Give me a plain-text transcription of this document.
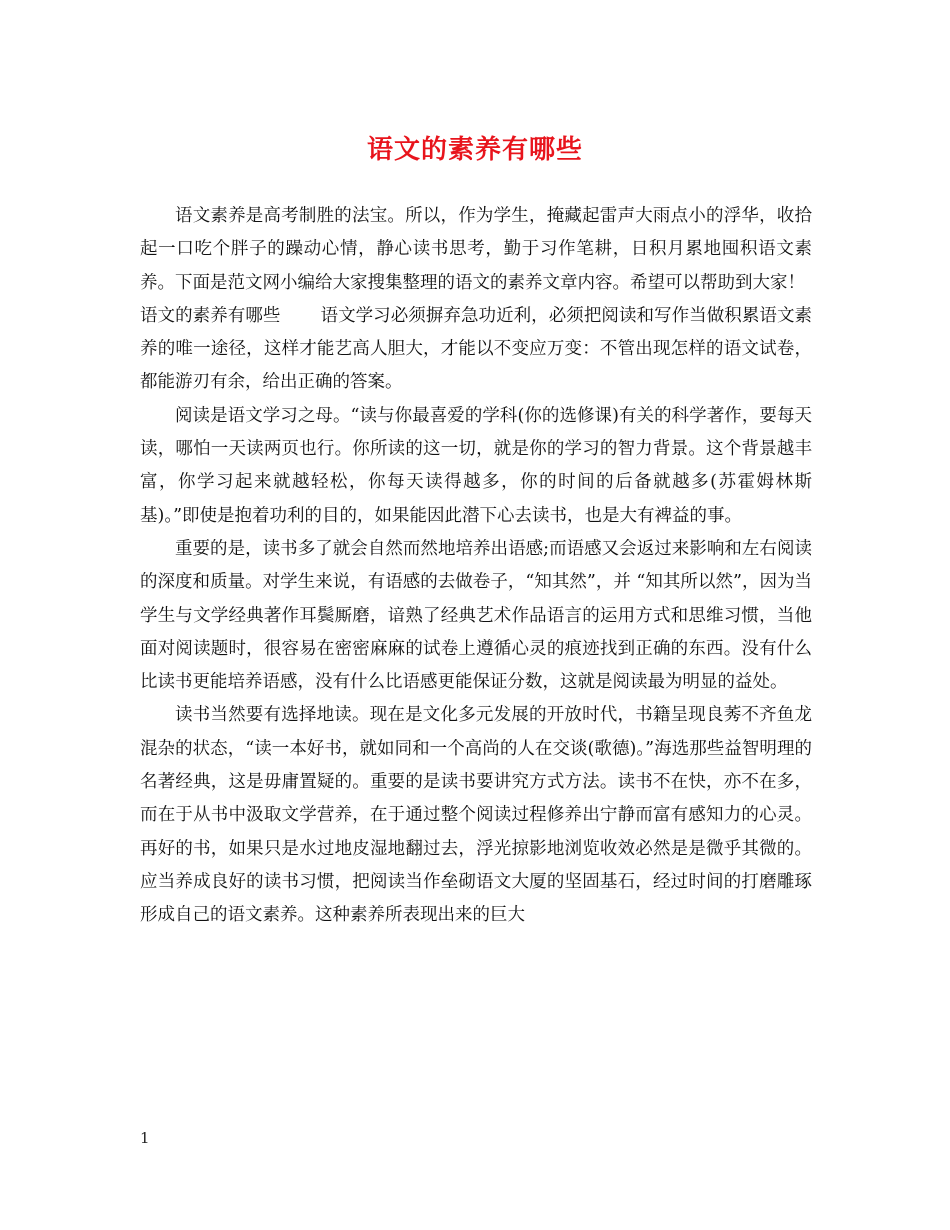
语文的素养有哪些

语文素养是高考制胜的法宝。所以，作为学生，掩藏起雷声大雨点小的浮华，收拾起一口吃个胖子的躁动心情，静心读书思考，勤于习作笔耕，日积月累地囤积语文素养。下面是范文网小编给大家搜集整理的语文的素养文章内容。希望可以帮助到大家！

语文的素养有哪些 语文学习必须摒弃急功近利，必须把阅读和写作当做积累语文素养的唯一途径，这样才能艺高人胆大，才能以不变应万变：不管出现怎样的语文试卷，都能游刃有余，给出正确的答案。

阅读是语文学习之母。“读与你最喜爱的学科(你的选修课)有关的科学著作，要每天读，哪怕一天读两页也行。你所读的这一切，就是你的学习的智力背景。这个背景越丰富，你学习起来就越轻松，你每天读得越多，你的时间的后备就越多(苏霍姆林斯基)。”即使是抱着功利的目的，如果能因此潜下心去读书，也是大有裨益的事。

重要的是，读书多了就会自然而然地培养出语感;而语感又会返过来影响和左右阅读的深度和质量。对学生来说，有语感的去做卷子，“知其然”，并 “知其所以然”，因为当学生与文学经典著作耳鬓厮磨，谙熟了经典艺术作品语言的运用方式和思维习惯，当他面对阅读题时，很容易在密密麻麻的试卷上遵循心灵的痕迹找到正确的东西。没有什么比读书更能培养语感，没有什么比语感更能保证分数，这就是阅读最为明显的益处。

读书当然要有选择地读。现在是文化多元发展的开放时代，书籍呈现良莠不齐鱼龙混杂的状态，“读一本好书，就如同和一个高尚的人在交谈(歌德)。”海选那些益智明理的名著经典，这是毋庸置疑的。重要的是读书要讲究方式方法。读书不在快，亦不在多，而在于从书中汲取文学营养，在于通过整个阅读过程修养出宁静而富有感知力的心灵。再好的书，如果只是水过地皮湿地翻过去，浮光掠影地浏览收效必然是是微乎其微的。应当养成良好的读书习惯，把阅读当作垒砌语文大厦的坚固基石，经过时间的打磨雕琢形成自己的语文素养。这种素养所表现出来的巨大

1
